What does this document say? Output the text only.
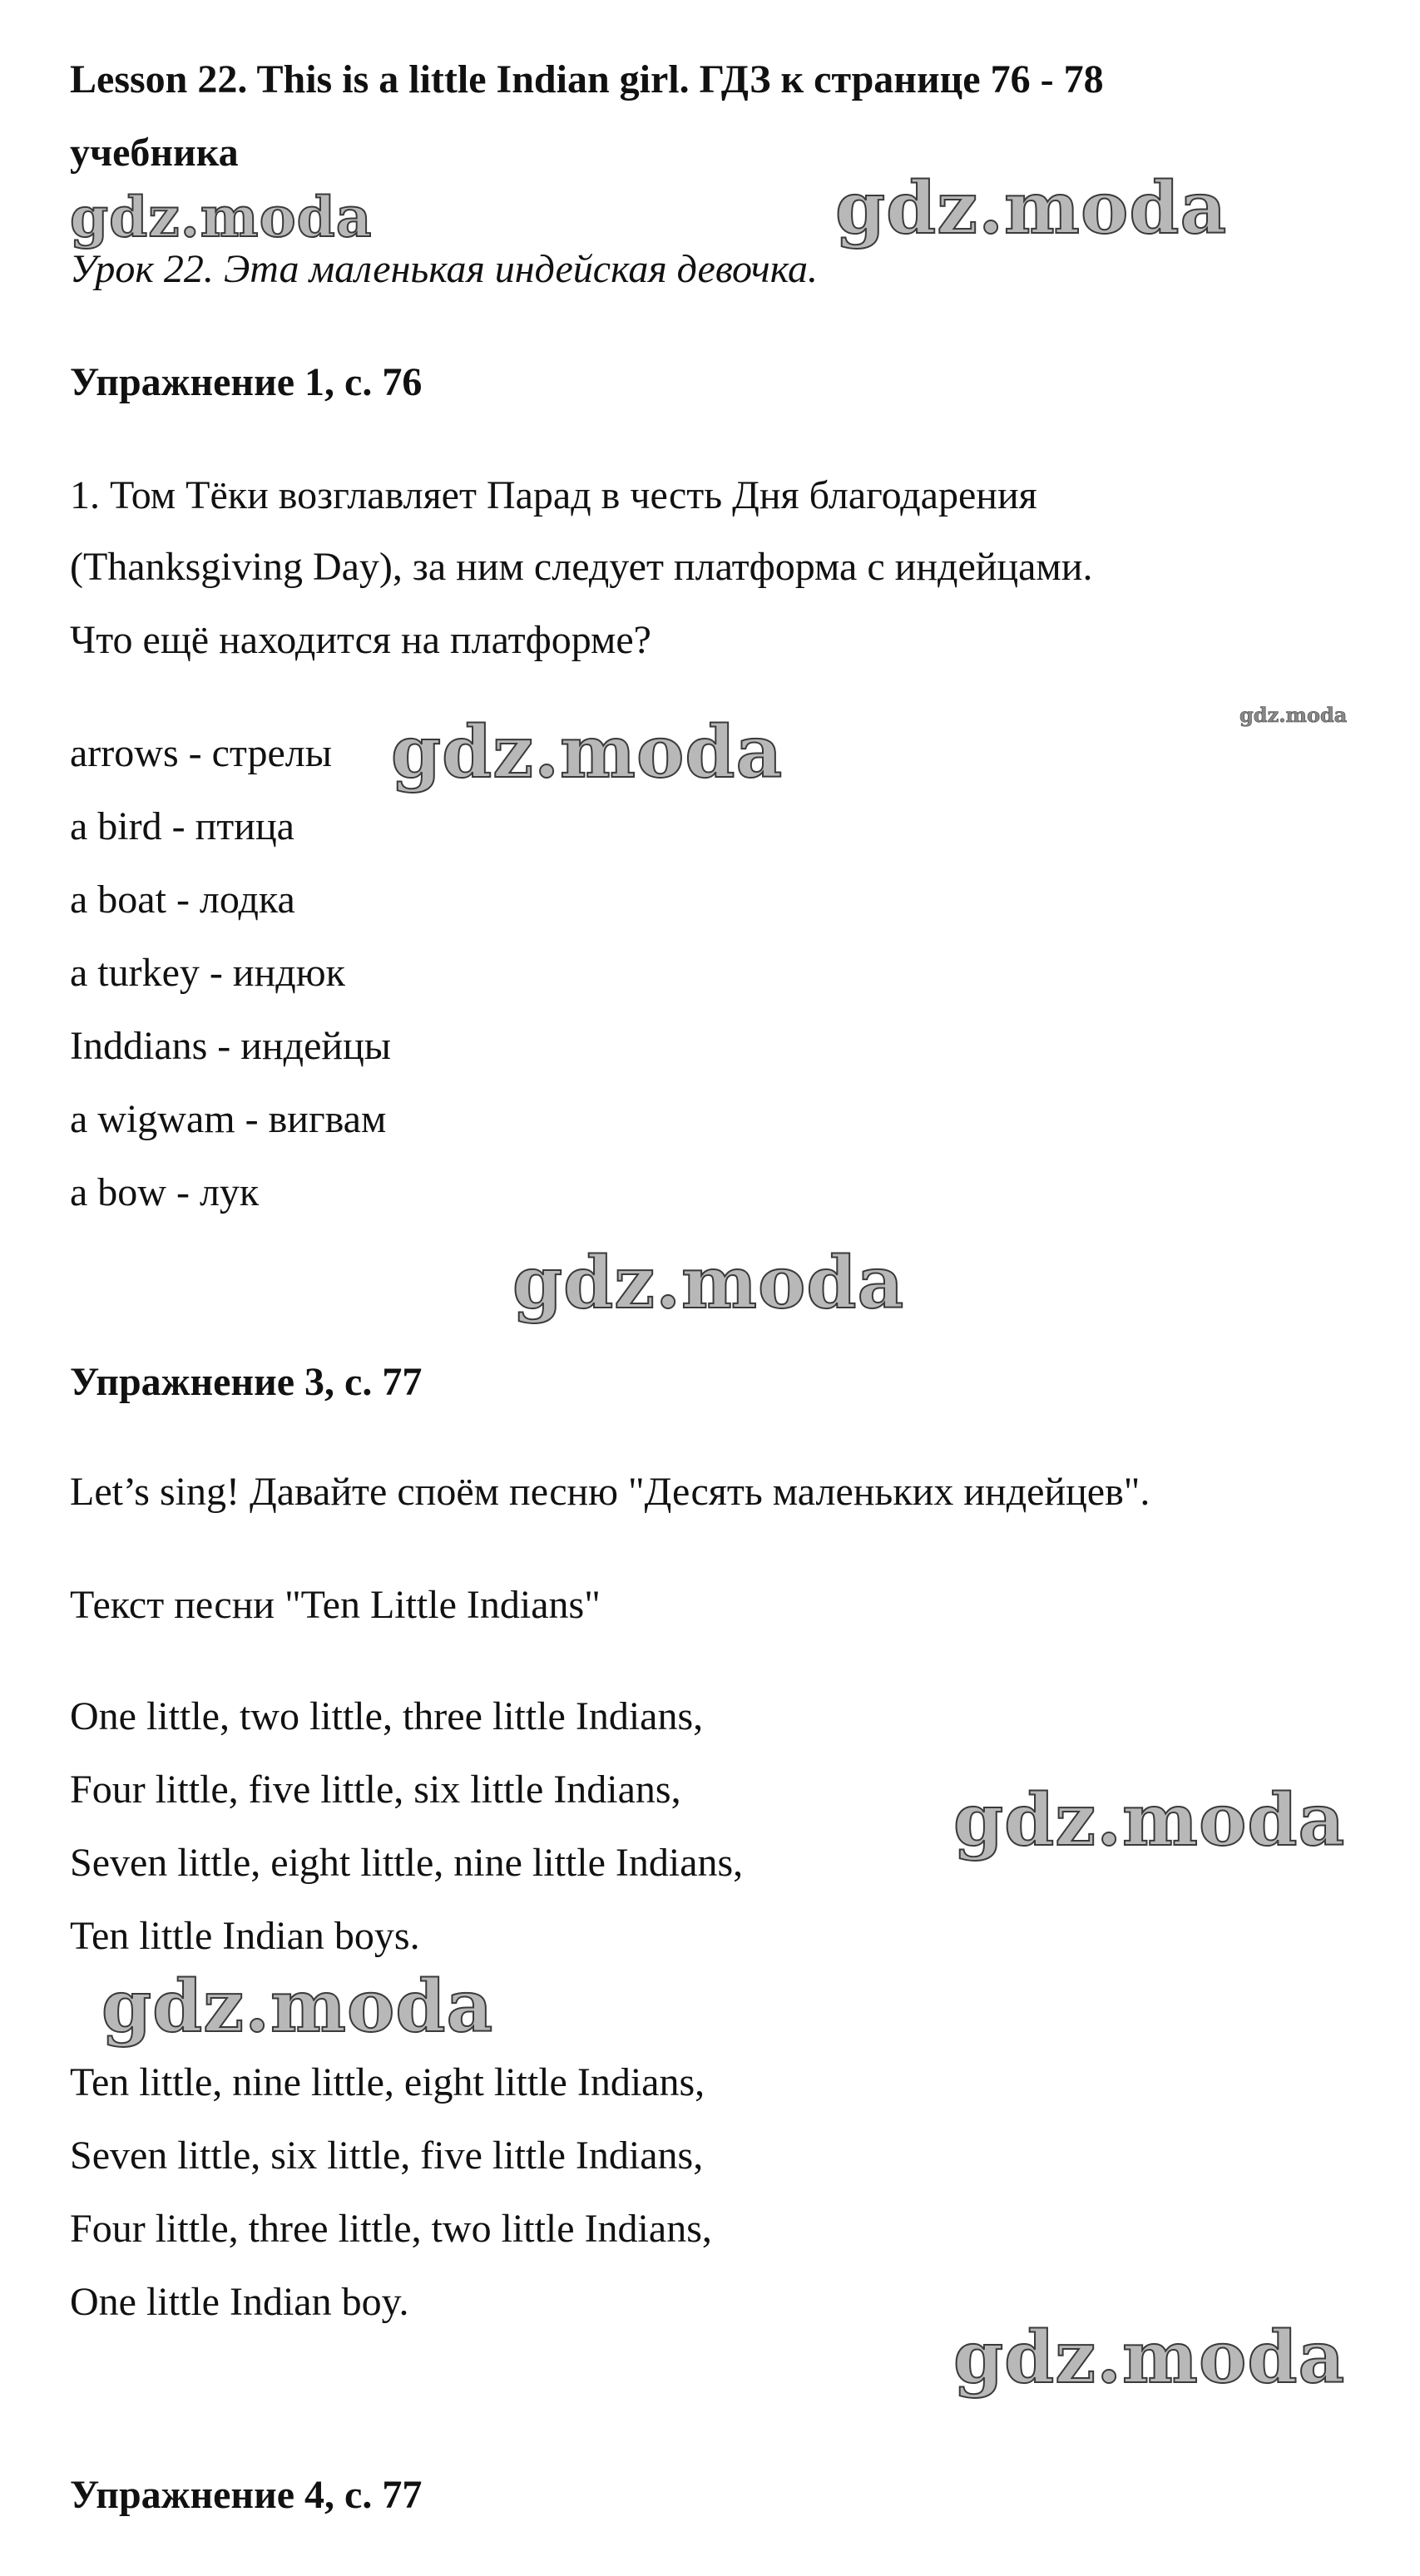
Lesson 22. This is a little Indian girl. ГДЗ к странице 76 - 78
учебника
Урок 22. Эта маленькая индейская девочка.
Упражнение 1, с. 76
1. Том Тёки возглавляет Парад в честь Дня благодарения
(Thanksgiving Day), за ним следует платформа с индейцами.
Что ещё находится на платформе?
arrows - стрелы
a bird - птица
a boat - лодка
a turkey - индюк
Inddians - индейцы
a wigwam - вигвам
a bow - лук
Упражнение 3, с. 77
Let’s sing! Давайте споём песню "Десять маленьких индейцев".
Текст песни "Ten Little Indians"
One little, two little, three little Indians,
Four little, five little, six little Indians,
Seven little, eight little, nine little Indians,
Ten little Indian boys.
Ten little, nine little, eight little Indians,
Seven little, six little, five little Indians,
Four little, three little, two little Indians,
One little Indian boy.
Упражнение 4, с. 77
gdz.moda	gdz.moda
gdz.moda
gdz.moda
gdz.moda
gdz.moda
gdz.moda
gdz.moda
